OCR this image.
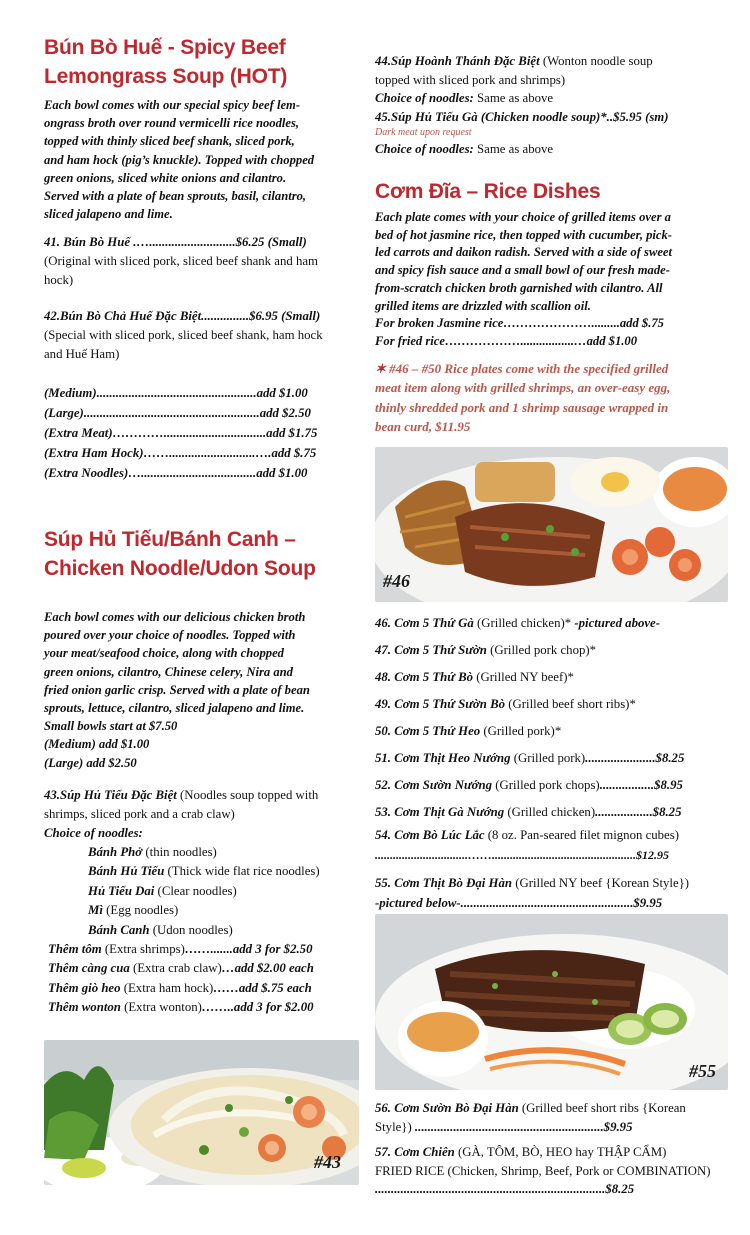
Bún Bò Huế - Spicy Beef
Lemongrass Soup (HOT)

Each bowl comes with our special spicy beef lem-
ongrass broth over round vermicelli rice noodles,
topped with thinly sliced beef shank, sliced pork,
and ham hock (pig’s knuckle). Topped with chopped
green onions, sliced white onions and cilantro.
Served with a plate of bean sprouts, basil, cilantro,
sliced jalapeno and lime.

41. Bún Bò Huế .…...........................$6.25 (Small)

(Original with sliced pork, sliced beef shank and ham
hock)

42.Bún Bò Chả Huế Đặc Biệt...............$6.95 (Small)

(Special with sliced pork, sliced beef shank, ham hock
and Huế Ham)

(Medium)..................................................add $1.00
(Large).......................................................add $2.50
(Extra Meat)…………................................add $1.75
(Extra Ham Hock)……...........................….add $.75
(Extra Noodles)…....................................add $1.00

Súp Hủ Tiếu/Bánh Canh –
Chicken Noodle/Udon Soup

Each bowl comes with our delicious chicken broth
poured over your choice of noodles. Topped with
your meat/seafood choice, along with chopped
green onions, cilantro, Chinese celery, Nira and
fried onion garlic crisp. Served with a plate of bean
sprouts, lettuce, cilantro, sliced jalapeno and lime.
Small bowls start at $7.50
(Medium) add $1.00
(Large) add $2.50

43.Súp Hủ Tiếu Đặc Biệt (Noodles soup topped with
shrimps, sliced pork and a crab claw)

Choice of noodles:

Bánh Phở (thin noodles)
Bánh Hủ Tiếu (Thick wide flat rice noodles)
Hủ Tiếu Dai (Clear noodles)
Mì (Egg noodles)
Bánh Canh (Udon noodles)
Thêm tôm (Extra shrimps)…….......add 3 for $2.50
Thêm càng cua (Extra crab claw)…add $2.00 each
Thêm giò heo (Extra ham hock)……add $.75 each
Thêm wonton (Extra wonton)……..add 3 for $2.00
#43

44.Súp Hoành Thánh Đặc Biệt (Wonton noodle soup
topped with sliced pork and shrimps)

Choice of noodles: Same as above

45.Súp Hủ Tiếu Gà (Chicken noodle soup)*..$5.95 (sm)

Dark meat upon request

Choice of noodles: Same as above

Cơm Đĩa – Rice Dishes

Each plate comes with your choice of grilled items over a
bed of hot jasmine rice, then topped with cucumber, pick-
led carrots and daikon radish. Served with a side of sweet
and spicy fish sauce and a small bowl of our fresh made-
from-scratch chicken broth garnished with cilantro. All
grilled items are drizzled with scallion oil.
For broken Jasmine rice………………….........add $.75
For fried rice……………….................…add $1.00

✶ #46 – #50 Rice plates come with the specified grilled
meat item along with grilled shrimps, an over-easy egg,
thinly shredded pork and 1 shrimp sausage wrapped in
bean curd, $11.95

#46
46. Cơm 5 Thứ Gà (Grilled chicken)* -pictured above-
47. Cơm 5 Thứ Sườn (Grilled pork chop)*
48. Cơm 5 Thứ Bò (Grilled NY beef)*
49. Cơm 5 Thứ Sườn Bò (Grilled beef short ribs)*
50. Cơm 5 Thứ Heo (Grilled pork)*
51. Cơm Thịt Heo Nướng (Grilled pork)......................$8.25
52. Cơm Sườn Nướng (Grilled pork chops).................$8.95
53. Cơm Thịt Gà Nướng (Grilled chicken)..................$8.25

54. Cơm Bò Lúc Lắc (8 oz. Pan-seared filet mignon cubes)

...............................……................................................$12.95

55. Cơm Thịt Bò Đại Hàn (Grilled NY beef {Korean Style})

-pictured below-......................................................$9.95

#55

56. Cơm Sườn Bò Đại Hàn (Grilled beef short ribs {Korean

Style}) ...........................................................$9.95

57. Cơm Chiên (GÀ, TÔM, BÒ, HEO hay THẬP CẨM)

FRIED RICE (Chicken, Shrimp, Beef, Pork or COMBINATION)

........................................................................$8.25
